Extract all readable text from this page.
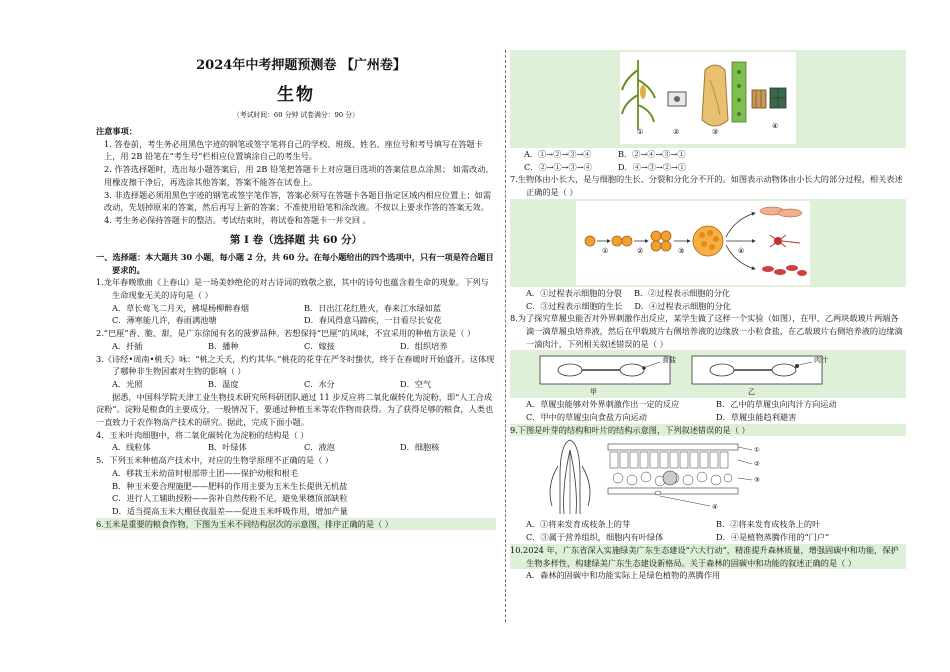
2024年中考押题预测卷 【广州卷】
生物
（考试时间：60 分钟 试卷满分：90 分）
注意事项：
1. 答卷前，考生务必用黑色字迹的钢笔或签字笔将自己的学校、班级、姓名、座位号和考号填写在答题卡上，用 2B 铅笔在“考生号”栏相应位置填涂自己的考生号。
2. 作答选择题时，选出每小题答案后，用 2B 铅笔把答题卡上对应题目选项的答案信息点涂黑； 如需改动，用橡皮擦干净后，再选涂其他答案，答案不能答在试卷上。
3. 非选择题必须用黑色字迹的钢笔或签字笔作答，答案必须写在答题卡各题目指定区域内相应位置上；如需改动，先划掉原来的答案，然后再写上新的答案；不准使用铅笔和涂改液。不按以上要求作答的答案无效。
4. 考生务必保持答题卡的整洁。考试结束时，将试卷和答题卡一并交回 。
第 I 卷（选择题 共 60 分）
一、选择题：本大题共 30 小题，每小题 2 分，共 60 分。在每小题给出的四个选项中，只有一项是符合题目要求的。
1.龙年春晚歌曲《上春山》是一场美妙绝伦的对古诗词的致敬之旅，其中的诗句也蕴含着生命的现象。下列与生命现象无关的诗句是（ ）
A．草长莺飞二月天，拂堤杨柳醉春烟	B．日出江花红胜火，春来江水绿如蓝
C．薄寒能几许，春雨满池塘	D．春风得意马蹄疾，一日看尽长安花
2.“巴厘”香、脆、甜，是广东徐闻有名的菠萝品种。若想保持“巴厘”的风味，不宜采用的种植方法是（ ）
A．扦插	B．播种	C．嫁接	D．组织培养
3.《诗经•周南•桃夭》咏：“桃之夭夭，灼灼其华。”桃花的花芽在严冬时蛰伏，终于在春暖时开始盛开。这体现了哪种非生物因素对生物的影响（ ）
A．光照	B．温度	C．水分	D．空气
据悉，中国科学院天津工业生物技术研究所科研团队通过 11 步反应将二氧化碳转化为淀粉，即“人工合成淀粉”。淀粉是粮食的主要成分，一般情况下，要通过种植玉米等农作物而获得。为了获得足够的粮食，人类也一直致力于农作物高产技术的研究。据此，完成下面小题。
4．玉米叶肉细胞中，将二氧化碳转化为淀粉的结构是（ ）
A．线粒体	B．叶绿体	C．液泡	D．细胞核
5．下列玉米种植高产技术中，对应的生物学原理不正确的是（ ）
A．移栽玉米幼苗时根部带土团——保护幼根和根毛
B．种玉米要合理施肥——肥料的作用主要为玉米生长提供无机盐
C．进行人工辅助授粉——弥补自然传粉不足，避免果穗顶部缺粒
D．适当提高玉米大棚昼夜温差——促进玉米呼吸作用，增加产量
6.玉米是重要的粮食作物，下图为玉米不同结构层次的示意图，排序正确的是（ ）
①	②	③
④
A．①→②→③→④	B．②→④→③→①
C．②→①→③→④	D．④→③→②→①
7.生物体由小长大，是与细胞的生长、分裂和分化分不开的。如图表示动物体由小长大的部分过程，相关表述正确的是（ ）
①	②	③	④
A．①过程表示细胞的分裂 B．②过程表示细胞的分化
C．③过程表示细胞的生长 D．④过程表示细胞的分化
8.为了探究草履虫能否对外界刺激作出反应，某学生做了这样一个实验（如图），在甲、乙两块载玻片两端各滴一滴草履虫培养液，然后在甲载玻片右侧培养液的边缘放一小粒食盐，在乙载玻片右侧培养液的边缘滴一滴肉汁，下列相关叙述错误的是（ ）
食盐
甲
肉汁
乙
A．草履虫能够对外界刺激作出一定的反应	B．乙中的草履虫向肉汁方向运动
C．甲中的草履虫向食盐方向运动	D．草履虫能趋利避害
9.下图是叶芽的结构和叶片的结构示意图，下列叙述错误的是（ ）
①
②
③
④
A．①将来发育成枝条上的芽	B．②将来发育成枝条上的叶
C．③属于营养组织，细胞内有叶绿体	D．④是植物蒸腾作用的“门户”
10.2024 年，广东省深入实施绿美广东生态建设“六大行动”，精准提升森林质量，增强固碳中和功能，保护生物多样性，构建绿美广东生态建设新格局。关于森林的固碳中和功能的叙述正确的是（ ）
A．森林的固碳中和功能实际上是绿色植物的蒸腾作用
